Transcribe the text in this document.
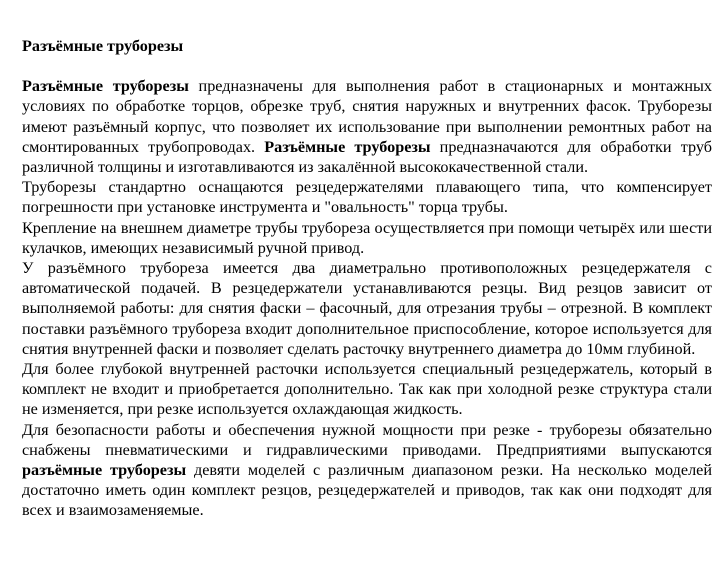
Разъёмные труборезы

Разъёмные труборезы предназначены для выполнения работ в стационарных и монтажных условиях по обработке торцов, обрезке труб, снятия наружных и внутренних фасок. Труборезы имеют разъёмный корпус, что позволяет их использование при выполнении ремонтных работ на смонтированных трубопроводах. Разъёмные труборезы предназначаются для обработки труб различной толщины и изготавливаются из закалённой высококачественной стали.

Труборезы стандартно оснащаются резцедержателями плавающего типа, что компенсирует погрешности при установке инструмента и "овальность" торца трубы.

Крепление на внешнем диаметре трубы трубореза осуществляется при помощи четырёх или шести кулачков, имеющих независимый ручной привод.

У разъёмного трубореза имеется два диаметрально противоположных резцедержателя с автоматической подачей. В резцедержатели устанавливаются резцы. Вид резцов зависит от выполняемой работы: для снятия фаски – фасочный, для отрезания трубы – отрезной. В комплект поставки разъёмного трубореза входит дополнительное приспособление, которое используется для снятия внутренней фаски и позволяет сделать расточку внутреннего диаметра до 10мм глубиной.

Для более глубокой внутренней расточки используется специальный резцедержатель, который в комплект не входит и приобретается дополнительно. Так как при холодной резке структура стали не изменяется, при резке используется охлаждающая жидкость.

Для безопасности работы и обеспечения нужной мощности при резке - труборезы обязательно снабжены пневматическими и гидравлическими приводами. Предприятиями выпускаются разъёмные труборезы девяти моделей с различным диапазоном резки. На несколько моделей достаточно иметь один комплект резцов, резцедержателей и приводов, так как они подходят для всех и взаимозаменяемые.
